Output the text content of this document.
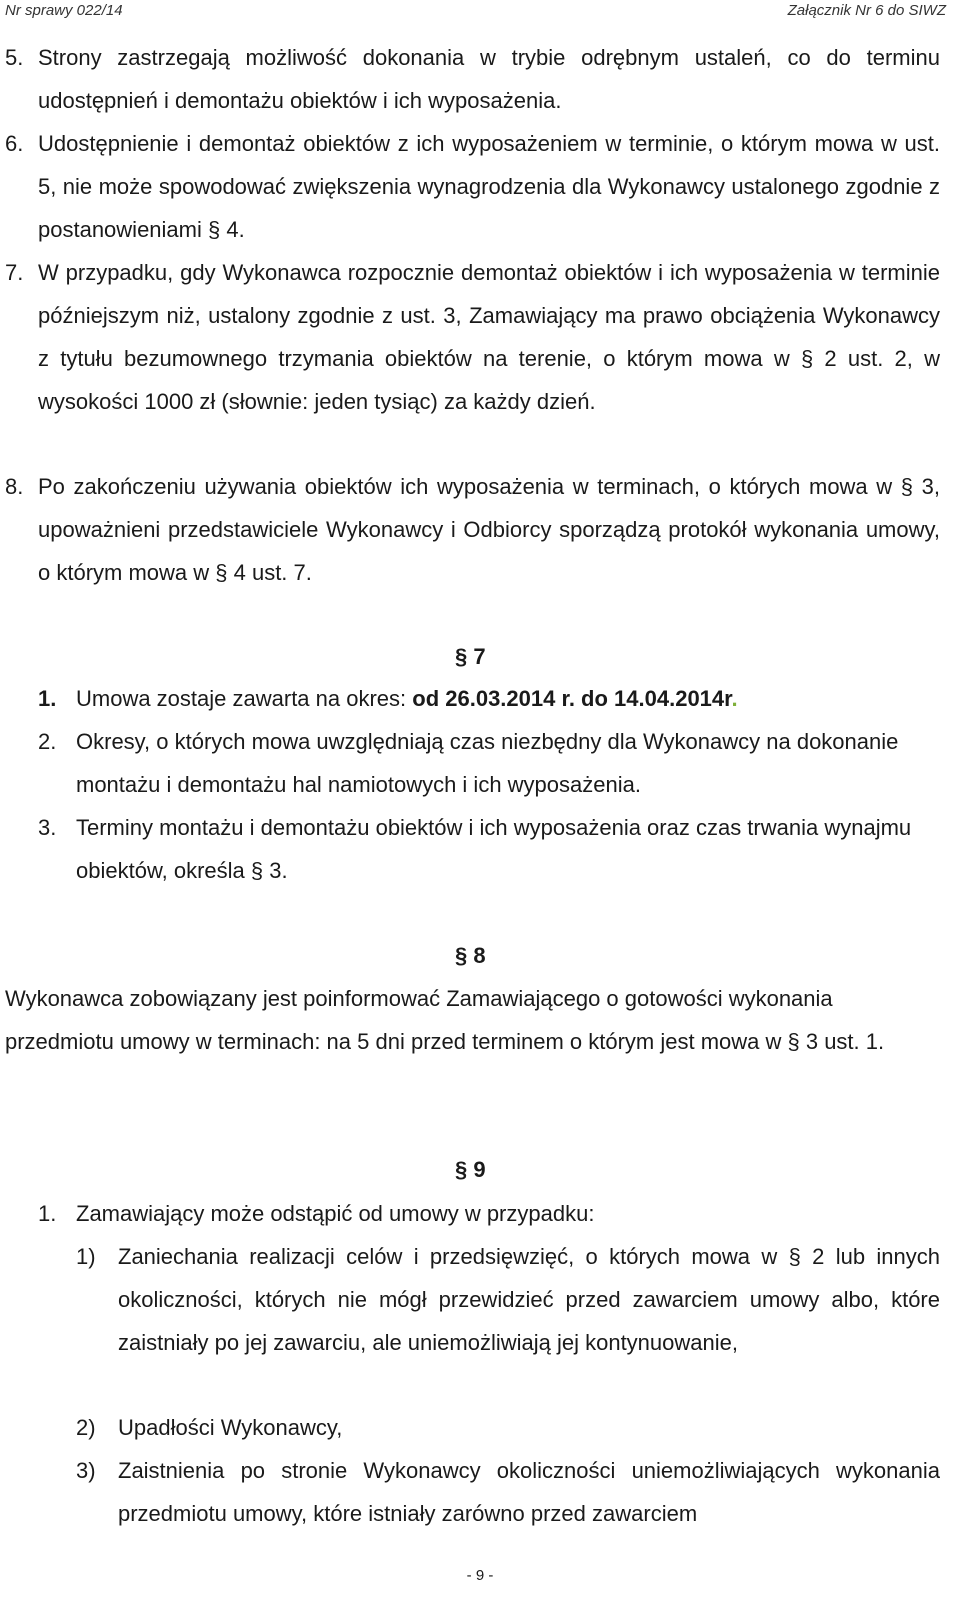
Nr sprawy 022/14	Załącznik Nr 6 do SIWZ
5. Strony zastrzegają możliwość dokonania w trybie odrębnym ustaleń, co do terminu udostępnień i demontażu obiektów i ich wyposażenia.

6. Udostępnienie i demontaż obiektów z ich wyposażeniem w terminie, o którym mowa w ust. 5, nie może spowodować zwiększenia wynagrodzenia dla Wykonawcy ustalonego zgodnie z postanowieniami § 4.

7. W przypadku, gdy Wykonawca rozpocznie demontaż obiektów i ich wyposażenia w terminie późniejszym niż, ustalony zgodnie z ust. 3, Zamawiający ma prawo obciążenia Wykonawcy z tytułu bezumownego trzymania obiektów na terenie, o którym mowa w § 2 ust. 2, w wysokości 1000 zł (słownie: jeden tysiąc) za każdy dzień.

8. Po zakończeniu używania obiektów ich wyposażenia w terminach, o których mowa w § 3, upoważnieni przedstawiciele Wykonawcy i Odbiorcy sporządzą protokół wykonania umowy, o którym mowa w § 4 ust. 7.

§ 7
1. Umowa zostaje zawarta na okres: od 26.03.2014 r. do 14.04.2014r.

2. Okresy, o których mowa uwzględniają czas niezbędny dla Wykonawcy na dokonanie montażu i demontażu hal namiotowych i ich wyposażenia.

3. Terminy montażu i demontażu obiektów i ich wyposażenia oraz czas trwania wynajmu obiektów, określa § 3.

§ 8

Wykonawca zobowiązany jest poinformować Zamawiającego o gotowości wykonania przedmiotu umowy w terminach: na 5 dni przed terminem o którym jest mowa w § 3 ust. 1.

§ 9
1. Zamawiający może odstąpić od umowy w przypadku:

1) Zaniechania realizacji celów i przedsięwzięć, o których mowa w § 2 lub innych okoliczności, których nie mógł przewidzieć przed zawarciem umowy albo, które zaistniały po jej zawarciu, ale uniemożliwiają jej kontynuowanie,

2) Upadłości Wykonawcy,

3) Zaistnienia po stronie Wykonawcy okoliczności uniemożliwiających wykonania przedmiotu umowy, które istniały zarówno przed zawarciem

- 9 -
